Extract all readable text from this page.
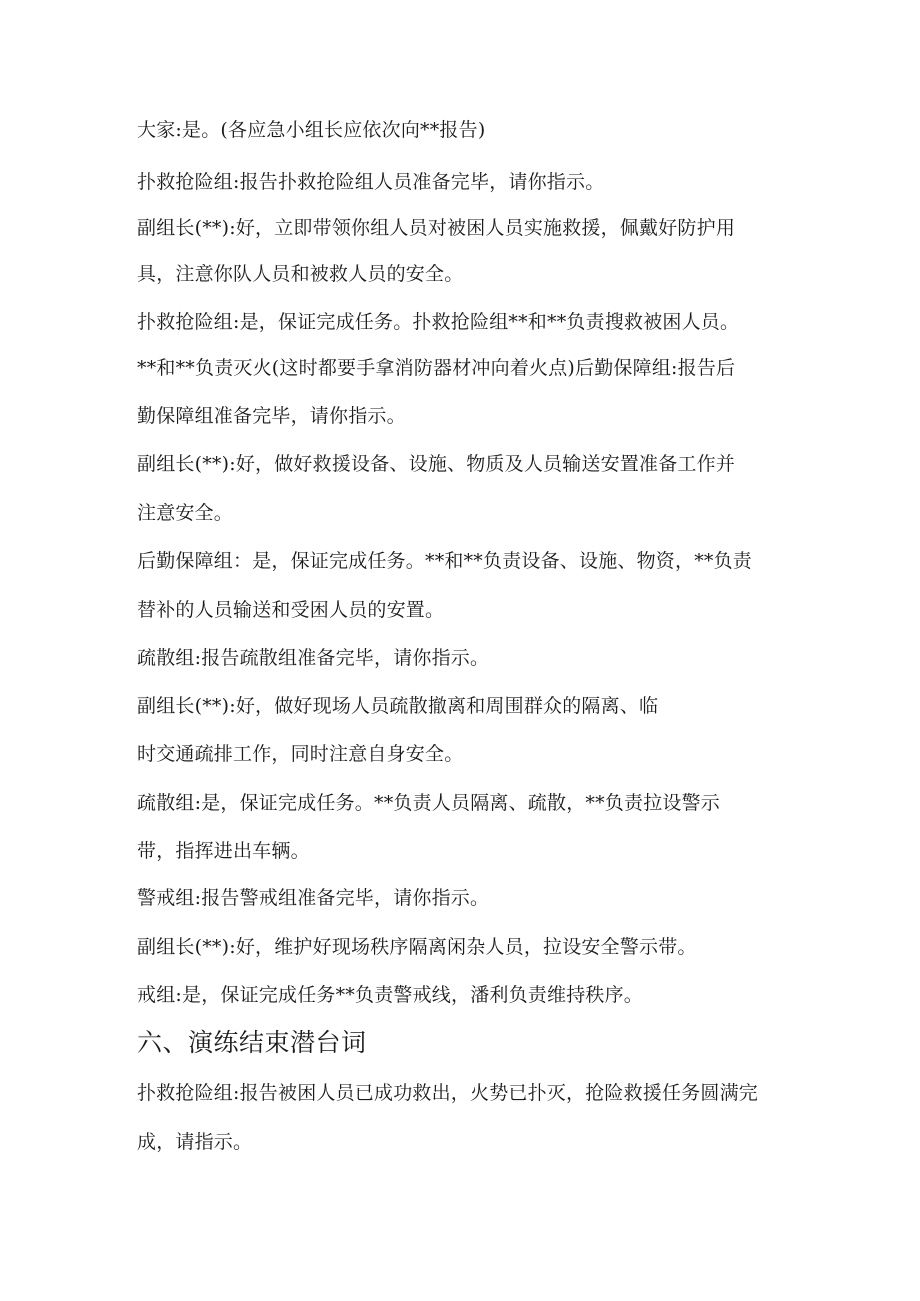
大家:是。(各应急小组长应依次向**报告)
扑救抢险组:报告扑救抢险组人员准备完毕，请你指示。
副组长(**):好，立即带领你组人员对被困人员实施救援，佩戴好防护用
具，注意你队人员和被救人员的安全。
扑救抢险组:是，保证完成任务。扑救抢险组**和**负责搜救被困人员。
**和**负责灭火(这时都要手拿消防器材冲向着火点)后勤保障组:报告后
勤保障组准备完毕，请你指示。
副组长(**):好，做好救援设备、设施、物质及人员输送安置准备工作并
注意安全。
后勤保障组：是，保证完成任务。**和**负责设备、设施、物资，**负责
替补的人员输送和受困人员的安置。
疏散组:报告疏散组准备完毕，请你指示。
副组长(**):好，做好现场人员疏散撤离和周围群众的隔离、临
时交通疏排工作，同时注意自身安全。
疏散组:是，保证完成任务。**负责人员隔离、疏散，**负责拉设警示
带，指挥进出车辆。
警戒组:报告警戒组准备完毕，请你指示。
副组长(**):好，维护好现场秩序隔离闲杂人员，拉设安全警示带。
戒组:是，保证完成任务**负责警戒线，潘利负责维持秩序。
六、演练结束潜台词
扑救抢险组:报告被困人员已成功救出，火势已扑灭，抢险救援任务圆满完
成，请指示。
